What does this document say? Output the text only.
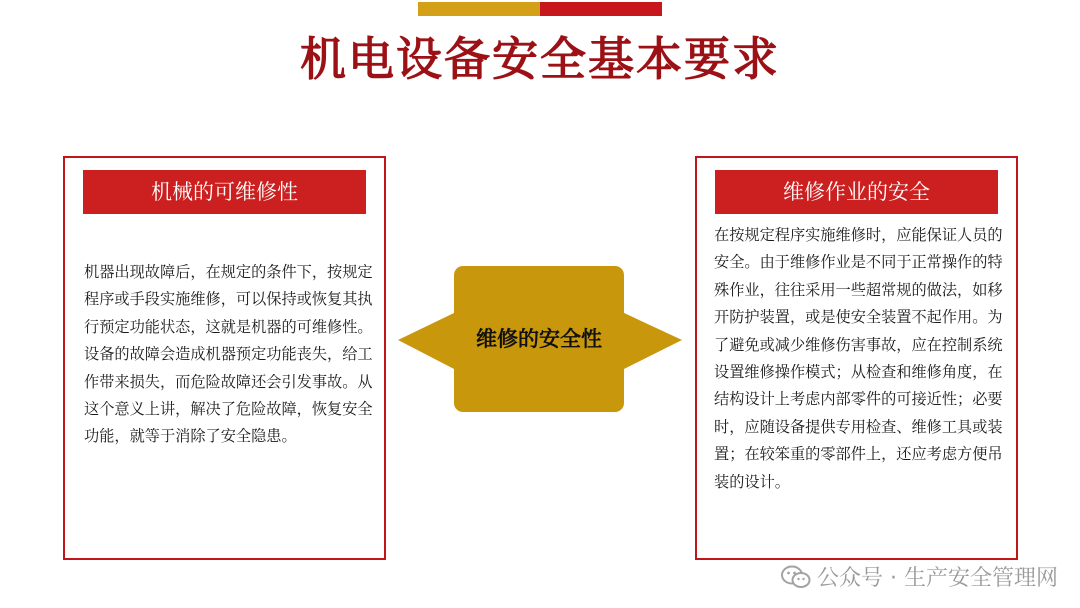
机电设备安全基本要求
机械的可维修性
机器出现故障后，在规定的条件下，按规定程序或手段实施维修，可以保持或恢复其执行预定功能状态，这就是机器的可维修性。设备的故障会造成机器预定功能丧失，给工作带来损失，而危险故障还会引发事故。从这个意义上讲，解决了危险故障，恢复安全功能，就等于消除了安全隐患。
维修作业的安全
在按规定程序实施维修时，应能保证人员的安全。由于维修作业是不同于正常操作的特殊作业，往往采用一些超常规的做法，如移开防护装置，或是使安全装置不起作用。为了避免或减少维修伤害事故，应在控制系统设置维修操作模式；从检查和维修角度，在结构设计上考虑内部零件的可接近性；必要时，应随设备提供专用检查、维修工具或装置；在较笨重的零部件上，还应考虑方便吊装的设计。
维修的安全性
公众号 · 生产安全管理网
